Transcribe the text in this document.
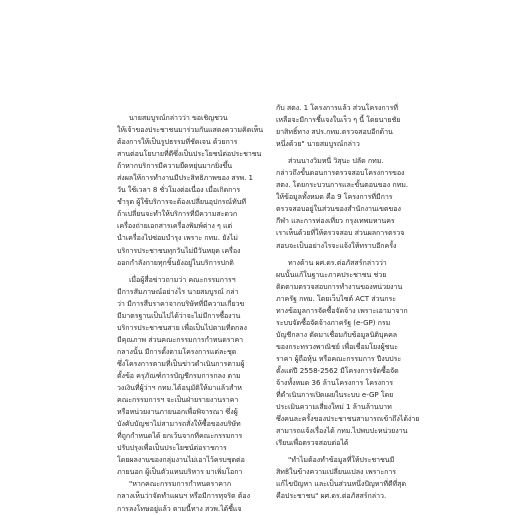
นายสมบูรณ์กล่าวว่า ขอเชิญชวน

ให้เจ้าของประชาชนมาร่วมกันแสดงความคิดเห็น

ต้องการให้เป็นรูปธรรมที่ชัดเจน ด้วยการ

สานต่อนโยบายที่ดีซึ่งเป็นประโยชน์ต่อประชาชน

ถ้าหากบริการมีความยืดหยุ่นมากยิ่งขึ้น

ส่งผลให้การทำงานมีประสิทธิภาพของ สรพ. 1

วัน ใช้เวลา 8 ชั่วโมงต่อเนื่อง เมื่อเกิดการ

ชำรุด ผู้ใช้บริการจะต้องเปลี่ยนอุปกรณ์ทันที

ถ้าเปลี่ยนจะทำให้บริการที่มีความสะดวก

เครื่องถ่ายเอกสารเครื่องพิมพ์ต่าง ๆ แต่

นำเครื่องไปซ่อมบำรุง เพราะ กทม. ยังไม่

บริการประชาชนทุกวันไม่มีวันหยุด เครื่อง

ออกกำลังกายทุกชิ้นยังอยู่ในบริการปกติ

เมื่อผู้สื่อข่าวถามว่า คณะกรรมการฯ

มีการสัมภาษณ์อย่างไร นายสมบูรณ์ กล่า

ว่า มีการสืบราคาจากบริษัทที่มีความเกี่ยวข

มีมาตรฐานเป็นไปได้ว่าจะไม่มีการซื้องาน

บริการประชาชนสาย เพื่อเป็นไปตามที่ตกลง

มีคุณภาพ ส่วนคณะกรรมการกำหนดราคา

กลางนั้น มีการตั้งตามโครงการแต่ละชุด

ซึ่งโครงการตามที่เป็นข่าวดำเนินการตามผู้

ตั้งข้อ ครุภัณฑ์การบัญชีกรมการกลง ตาม

วงเงินที่ผู้ว่าฯ กทม.ได้อนุมัติให้มาแล้วสำห

คณะกรรมการฯ จะเป็นฝ่ายรายงานราคา

หรือหน่วยงานภายนอกเพื่อพิจารณา ซึ่งผู้

บังคับบัญชาไม่สามารถสั่งให้ซื้อของบริษัท

ที่ถูกกำหนดได้ ยกเว้นจากที่คณะกรรมการ

ปรับปรุงเพื่อเป็นประโยชน์ต่อราชการ

โดยผลงานของกลุ่มงานไม่เอาไว้ครบชุดต่อ

ภายนอก ผู้เป็นตัวแทนบริหาร มาเพิ่มโอกา

"หากคณะกรรมการกำหนดราคาก

กลางเห็นว่าจัดทำแผนฯ หรือมีการทุจริต ต้อง

การลงโทษอยู่แล้ว ตามนี้ทาง สวพ.ได้ชี้แจ

กับ สตง. 1 โครงการแล้ว ส่วนโครงการที่

เหลือจะมีการชี้แจงในเร็ว ๆ นี้ โดยนายชัย

ยาสิทธิ์ทาง สปร.กทม.ตรวจสอบอีกด้าน

หนึ่งด้วย" นายสมบูรณ์กล่าว

ส่วนนางวิมหนี่ วิสุนะ ปลัด กทม.

กล่าวถึงขั้นตอนการตรวจสอบโครงการของ

สตง. โดยกระบวนการและขั้นตอนของ กทม.

ให้ข้อมูลทั้งหมด คือ 9 โครงการที่มีการ

ตรวจสอบอยู่ในส่วนของสำนักงานเขตของ

กีฬา และการท่องเที่ยว กรุงเทพมหานคร

เราเห็นด้วยที่ให้ตรวจสอบ ส่วนผลการตรวจ

สอบจะเป็นอย่างไรจะแจ้งให้ทราบอีกครั้ง

ทางด้าน ผศ.ดร.ต่อภัสสร์กล่าวว่า

ผนนั้นแก้ในฐานะภาคประชาชน ช่วย

ติดตามตรวจสอบการทำงานของหน่วยงาน

ภาครัฐ กทม. โดยเว็บไซต์ ACT ส่วนกระ

ทางข้อมูลการจัดซื้อจัดจ้าง เพราะเอามาจาก

ระบบจัดซื้อจัดจ้างภาครัฐ (e-GP) กรม

บัญชีกลาง ตัดมาเชื่อมกับข้อมูลนิติบุคคล

ของกระทรวงพาณิชย์ เพื่อเชื่อมโยงผู้ชนะ

ราคา ผู้ถือหุ้น หรือคณะกรรมการ ปีงบประ

ตั้งแต่ปี 2558-2562 มีโครงการจัดซื้อจัด

จ้างทั้งหมด 36 ล้านโครงการ โครงการ

ที่ดำเนินการเปิดเผยในระบบ e-GP โดย

ประเมินความเสี่ยงใหม่ 1 ล้านล้านบาท

ซึ่งคนละครั้งของประชาชนสามารถเข้าถึงได้ง่าย

สามารถแจ้งเรื่องได้ กทม.ไปพบปะหน่วยงาน

เรียนเพื่อตรวจสอบต่อได้

"ทำไมต้องทำข้อมูลที่ให้ประชาชนมี

สิทธิในข้างความเปลี่ยนแปลง เพราะการ

แก้ไขปัญหา และเป็นส่วนหนึ่งปัญหาที่ดีที่สุด

คือประชาชน" ผศ.ดร.ต่อภัสสร์กล่าว.
